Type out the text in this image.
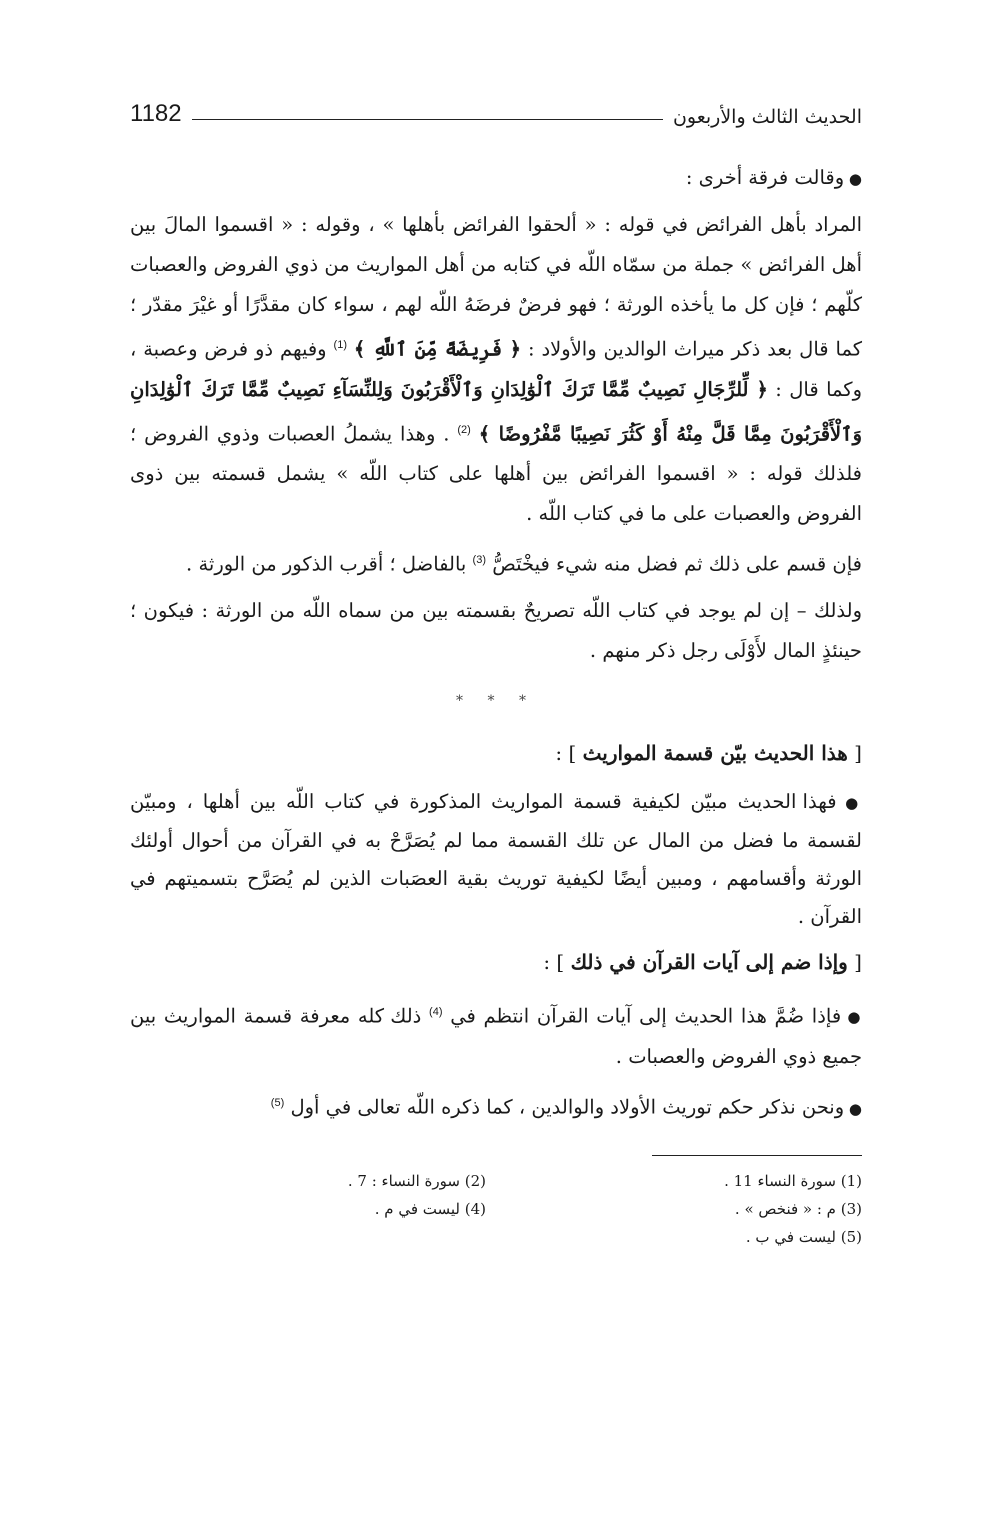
الحديث الثالث والأربعون
1182

● وقالت فرقة أخرى :

المراد بأهل الفرائض في قوله : « ألحقوا الفرائض بأهلها » ، وقوله : « اقسموا المالَ بين أهل الفرائض » جملة من سمّاه اللّه في كتابه من أهل المواريث من ذوي الفروض والعصبات كلّهم ؛ فإن كل ما يأخذه الورثة ؛ فهو فرضٌ فرضَهُ اللّه لهم ، سواء كان مقدَّرًا أو غيْرَ مقدّر ؛ كما قال بعد ذكر ميراث الوالدين والأولاد : ﴿ فَرِيضَةً مِّنَ ٱللَّهِ ﴾ $^{(1)}$ وفيهم ذو فرض وعصبة ، وكما قال : ﴿ لِّلرِّجَالِ نَصِيبٌ مِّمَّا تَرَكَ ٱلْوَٰلِدَانِ وَٱلْأَقْرَبُونَ وَلِلنِّسَآءِ نَصِيبٌ مِّمَّا تَرَكَ ٱلْوَٰلِدَانِ وَٱلْأَقْرَبُونَ مِمَّا قَلَّ مِنْهُ أَوْ كَثُرَ نَصِيبًا مَّفْرُوضًا ﴾ $^{(2)}$ . وهذا يشملُ العصبات وذوي الفروض ؛ فلذلك قوله : « اقسموا الفرائض بين أهلها على كتاب اللّه » يشمل قسمته بين ذوى الفروض والعصبات على ما في كتاب اللّه .

فإن قسم على ذلك ثم فضل منه شيء فيخْتَصُّ $^{(3)}$ بالفاضل ؛ أقرب الذكور من الورثة .

ولذلك – إن لم يوجد في كتاب اللّه تصريحٌ بقسمته بين من سماه اللّه من الورثة : فيكون ؛ حينئذٍ المال لأَوْلَى رجل ذكر منهم .

* * *
[ هذا الحديث بيّن قسمة المواريث ] :

● فهذا الحديث مبيّن لكيفية قسمة المواريث المذكورة في كتاب اللّه بين أهلها ، ومبيّن لقسمة ما فضل من المال عن تلك القسمة مما لم يُصَرَّحْ به في القرآن من أحوال أولئك الورثة وأقسامهم ، ومبين أيضًا لكيفية توريث بقية العصَبات الذين لم يُصَرَّح بتسميتهم في القرآن .

[ وإذا ضم إلى آيات القرآن في ذلك ] :

● فإذا ضُمَّ هذا الحديث إلى آيات القرآن انتظم في $^{(4)}$ ذلك كله معرفة قسمة المواريث بين جميع ذوي الفروض والعصبات .

● ونحن نذكر حكم توريث الأولاد والوالدين ، كما ذكره اللّه تعالى في أول $^{(5)}$

(1) سورة النساء 11 .
(2) سورة النساء : 7 .
(3) م : « فنخص » .
(4) ليست في م .
(5) ليست في ب .
